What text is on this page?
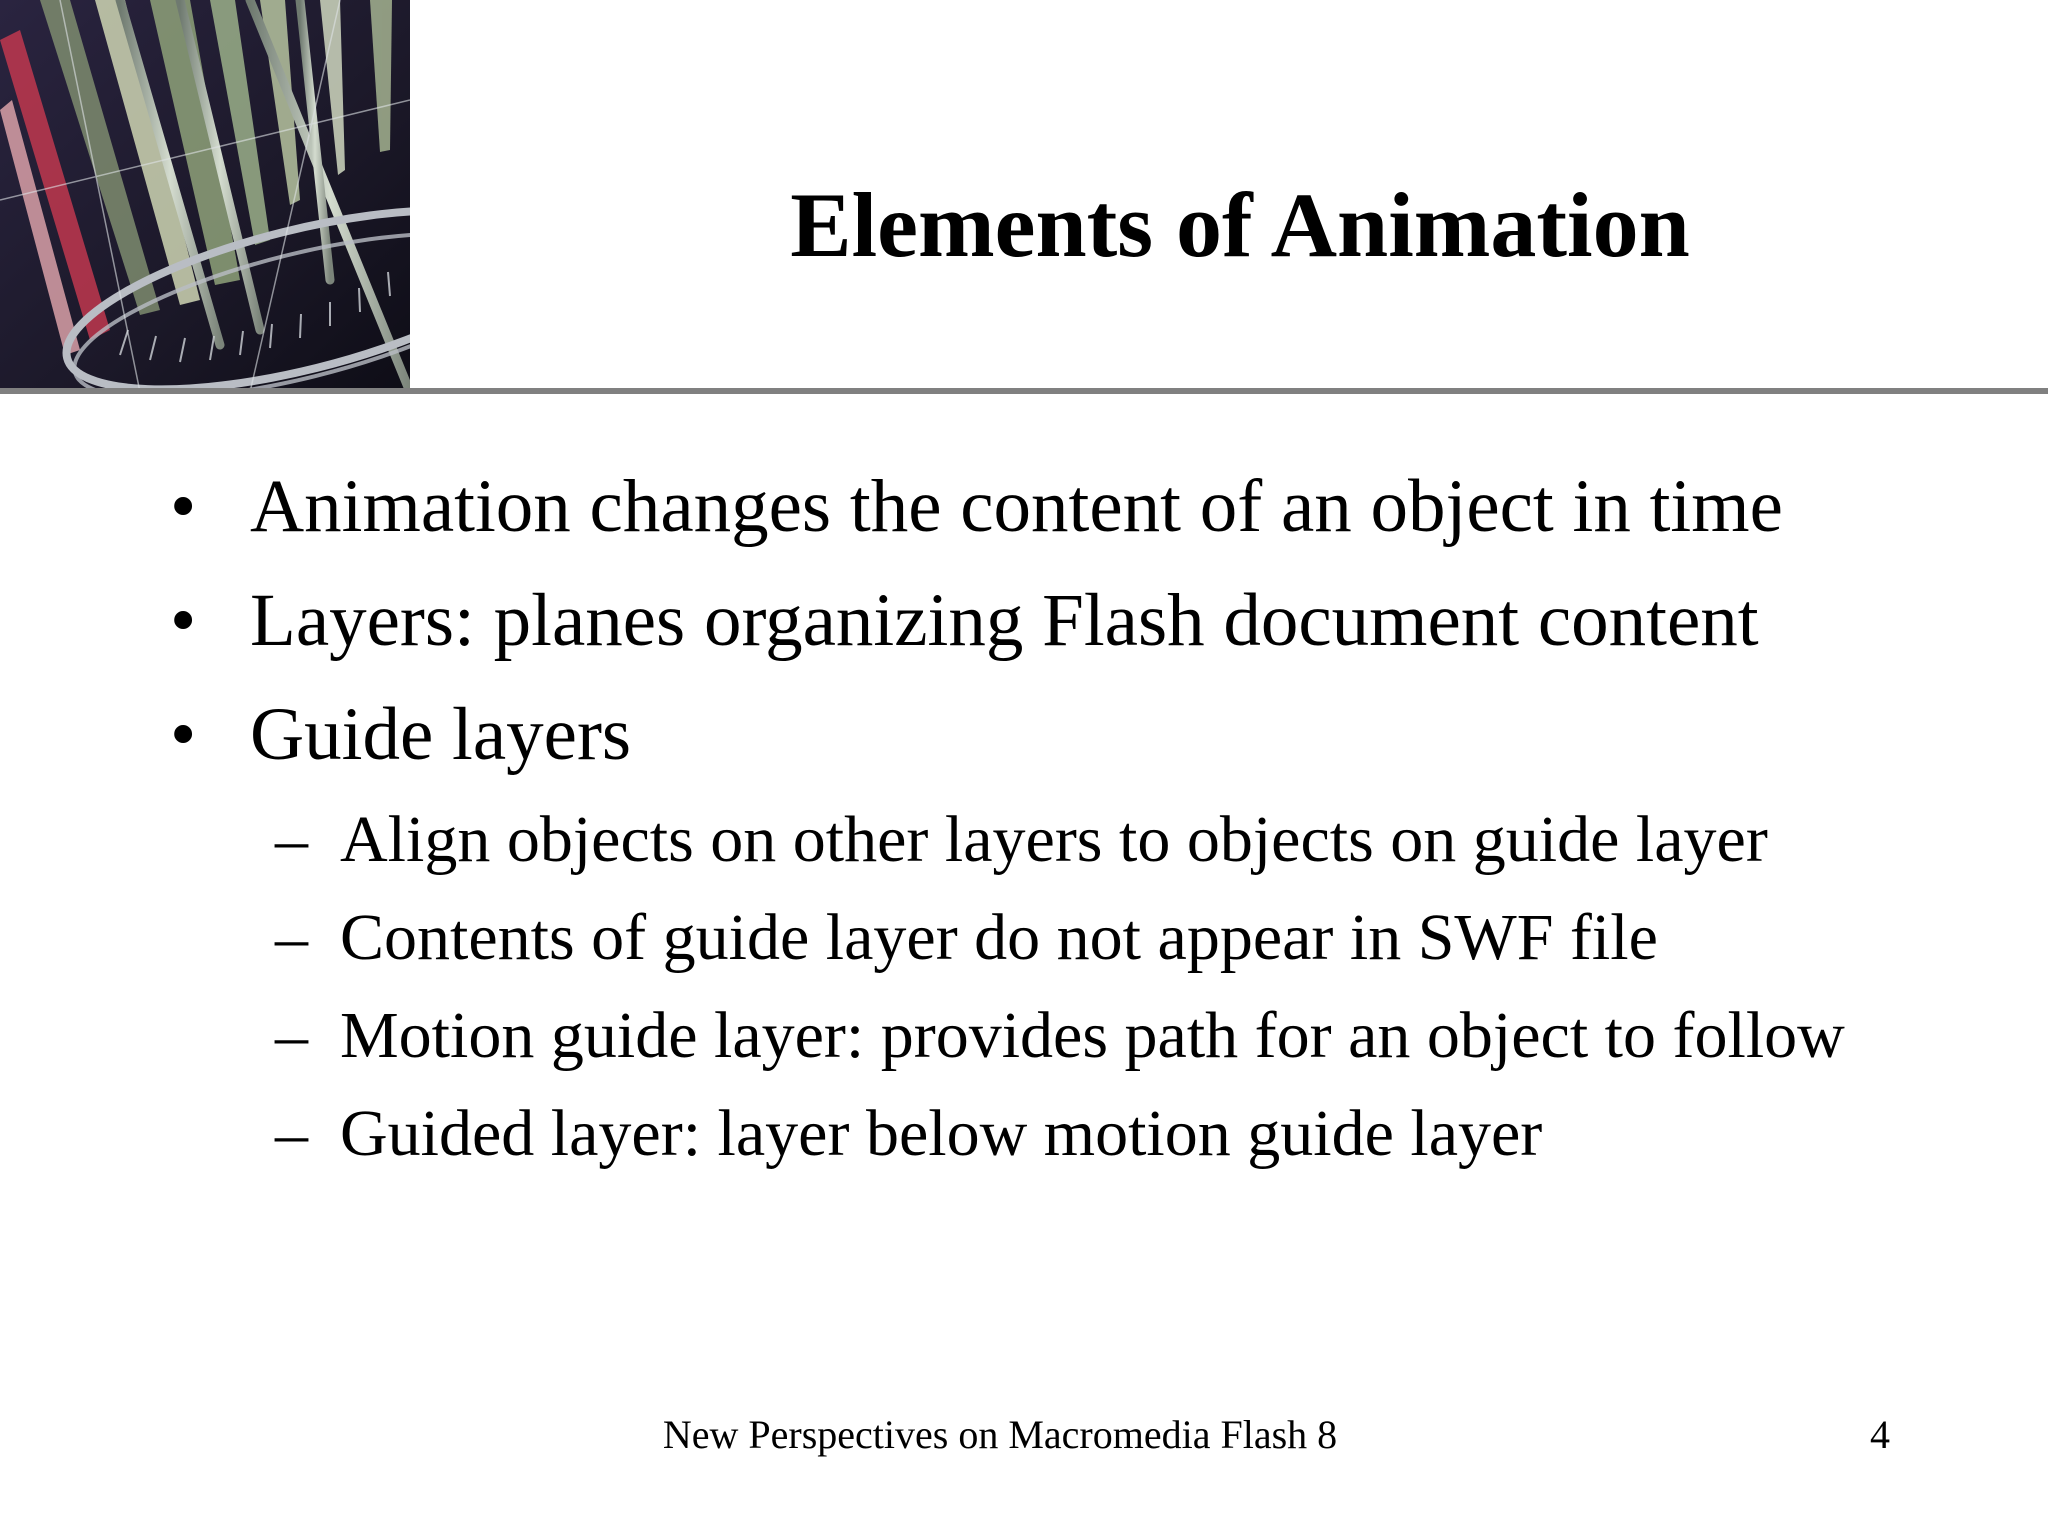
Elements of Animation
• Animation changes the content of an object in time
• Layers: planes organizing Flash document content
• Guide layers
– Align objects on other layers to objects on guide layer
– Contents of guide layer do not appear in SWF file
– Motion guide layer: provides path for an object to follow
– Guided layer: layer below motion guide layer
New Perspectives on Macromedia Flash 8	4
